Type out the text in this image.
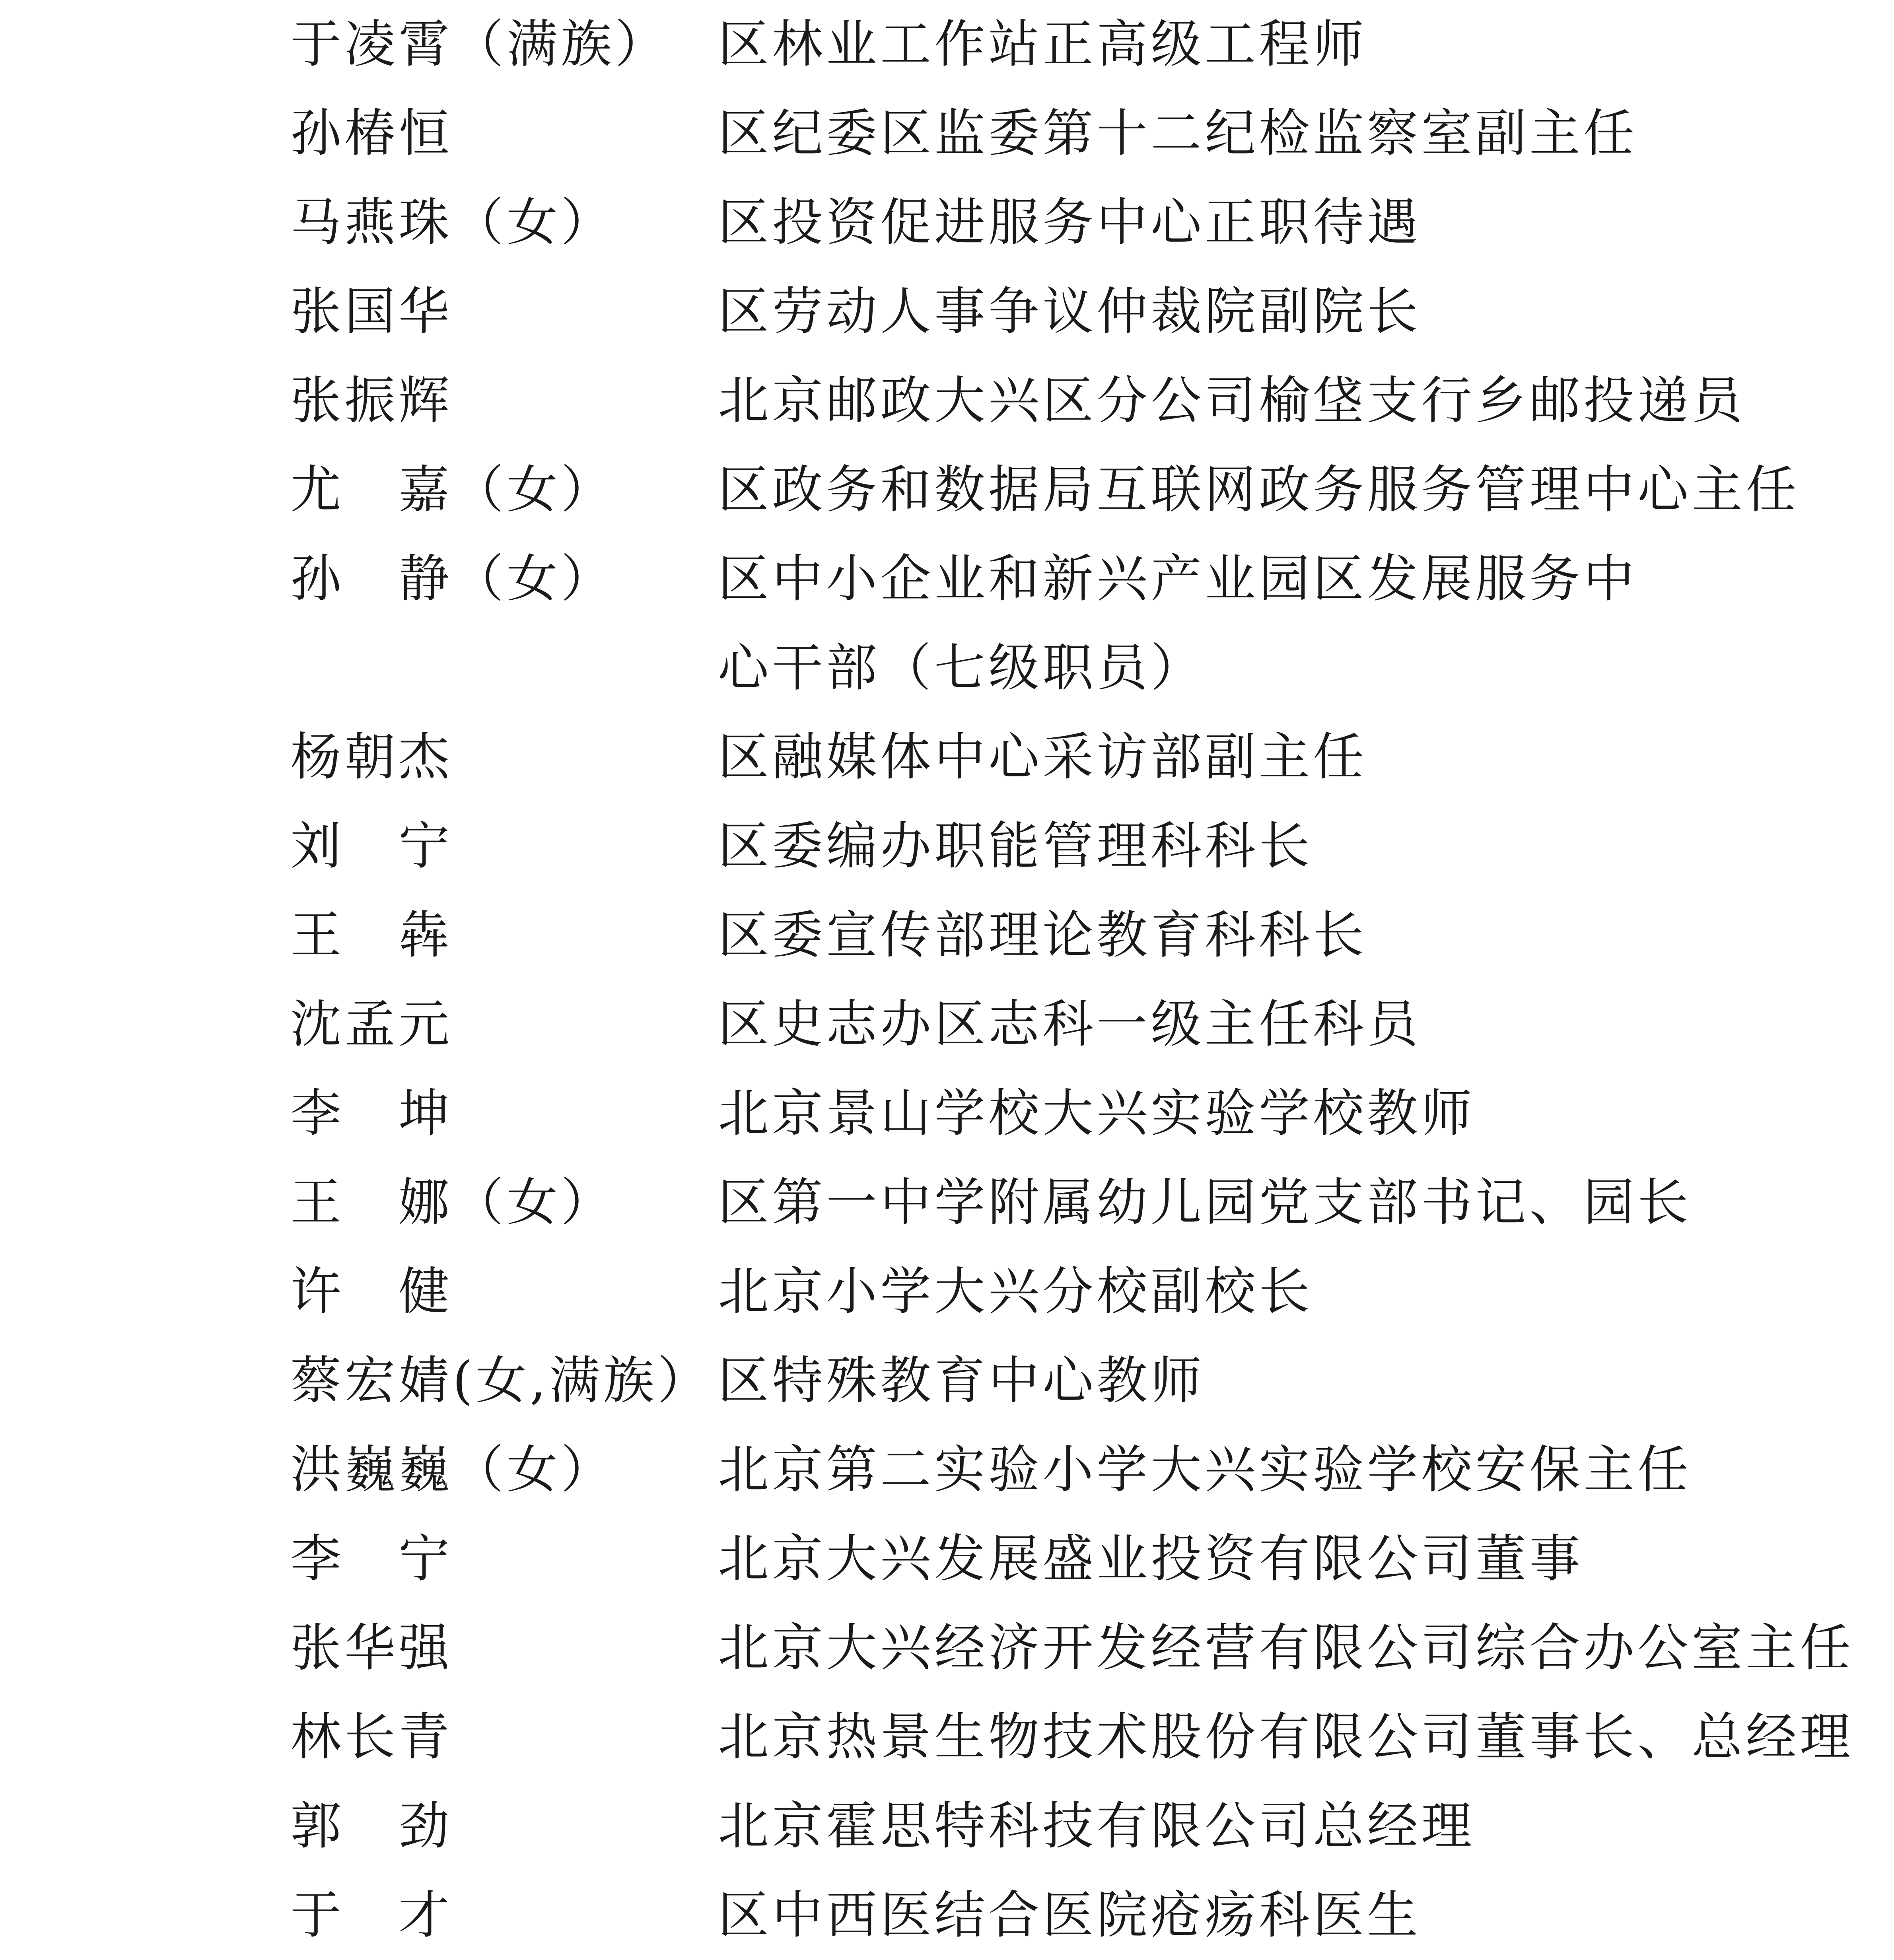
于凌霄（满族） 区林业工作站正高级工程师
孙椿恒	区纪委区监委第十二纪检监察室副主任
马燕珠（女） 区投资促进服务中心正职待遇
张国华	区劳动人事争议仲裁院副院长
张振辉	北京邮政大兴区分公司榆垡支行乡邮投递员
尤　嘉（女） 区政务和数据局互联网政务服务管理中心主任
孙　静（女） 区中小企业和新兴产业园区发展服务中
心干部（七级职员）
杨朝杰	区融媒体中心采访部副主任
刘　宁	区委编办职能管理科科长
王　犇	区委宣传部理论教育科科长
沈孟元	区史志办区志科一级主任科员
李　坤	北京景山学校大兴实验学校教师
王　娜（女） 区第一中学附属幼儿园党支部书记、园长
许　健	北京小学大兴分校副校长
蔡宏婧(女,满族） 区特殊教育中心教师
洪巍巍（女） 北京第二实验小学大兴实验学校安保主任
李　宁	北京大兴发展盛业投资有限公司董事
张华强	北京大兴经济开发经营有限公司综合办公室主任
林长青	北京热景生物技术股份有限公司董事长、总经理
郭　劲	北京霍思特科技有限公司总经理
于　才	区中西医结合医院疮疡科医生
